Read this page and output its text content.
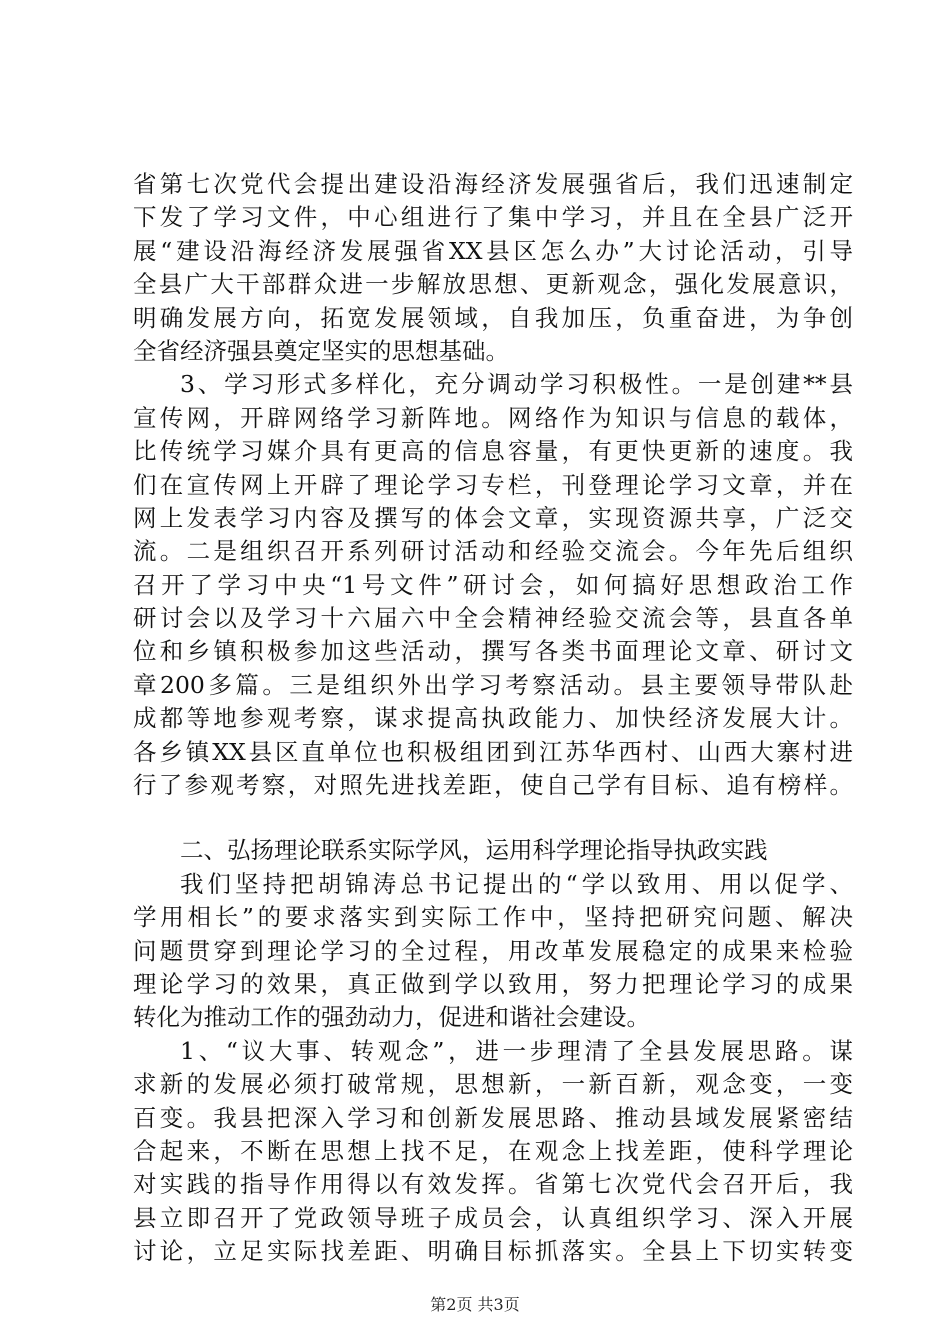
省第七次党代会提出建设沿海经济发展强省后，我们迅速制定
下发了学习文件，中心组进行了集中学习，并且在全县广泛开
展“建设沿海经济发展强省XX县区怎么办”大讨论活动，引导
全县广大干部群众进一步解放思想、更新观念，强化发展意识，
明确发展方向，拓宽发展领域，自我加压，负重奋进，为争创
全省经济强县奠定坚实的思想基础。
3、学习形式多样化，充分调动学习积极性。一是创建**县
宣传网，开辟网络学习新阵地。网络作为知识与信息的载体，
比传统学习媒介具有更高的信息容量，有更快更新的速度。我
们在宣传网上开辟了理论学习专栏，刊登理论学习文章，并在
网上发表学习内容及撰写的体会文章，实现资源共享，广泛交
流。二是组织召开系列研讨活动和经验交流会。今年先后组织
召开了学习中央“1号文件”研讨会，如何搞好思想政治工作
研讨会以及学习十六届六中全会精神经验交流会等，县直各单
位和乡镇积极参加这些活动，撰写各类书面理论文章、研讨文
章200多篇。三是组织外出学习考察活动。县主要领导带队赴
成都等地参观考察，谋求提高执政能力、加快经济发展大计。
各乡镇XX县区直单位也积极组团到江苏华西村、山西大寨村进
行了参观考察，对照先进找差距，使自己学有目标、追有榜样。
二、弘扬理论联系实际学风，运用科学理论指导执政实践
我们坚持把胡锦涛总书记提出的“学以致用、用以促学、
学用相长”的要求落实到实际工作中，坚持把研究问题、解决
问题贯穿到理论学习的全过程，用改革发展稳定的成果来检验
理论学习的效果，真正做到学以致用，努力把理论学习的成果
转化为推动工作的强劲动力，促进和谐社会建设。
1、“议大事、转观念”，进一步理清了全县发展思路。谋
求新的发展必须打破常规，思想新，一新百新，观念变，一变
百变。我县把深入学习和创新发展思路、推动县域发展紧密结
合起来，不断在思想上找不足，在观念上找差距，使科学理论
对实践的指导作用得以有效发挥。省第七次党代会召开后，我
县立即召开了党政领导班子成员会，认真组织学习、深入开展
讨论，立足实际找差距、明确目标抓落实。全县上下切实转变
第2页 共3页
